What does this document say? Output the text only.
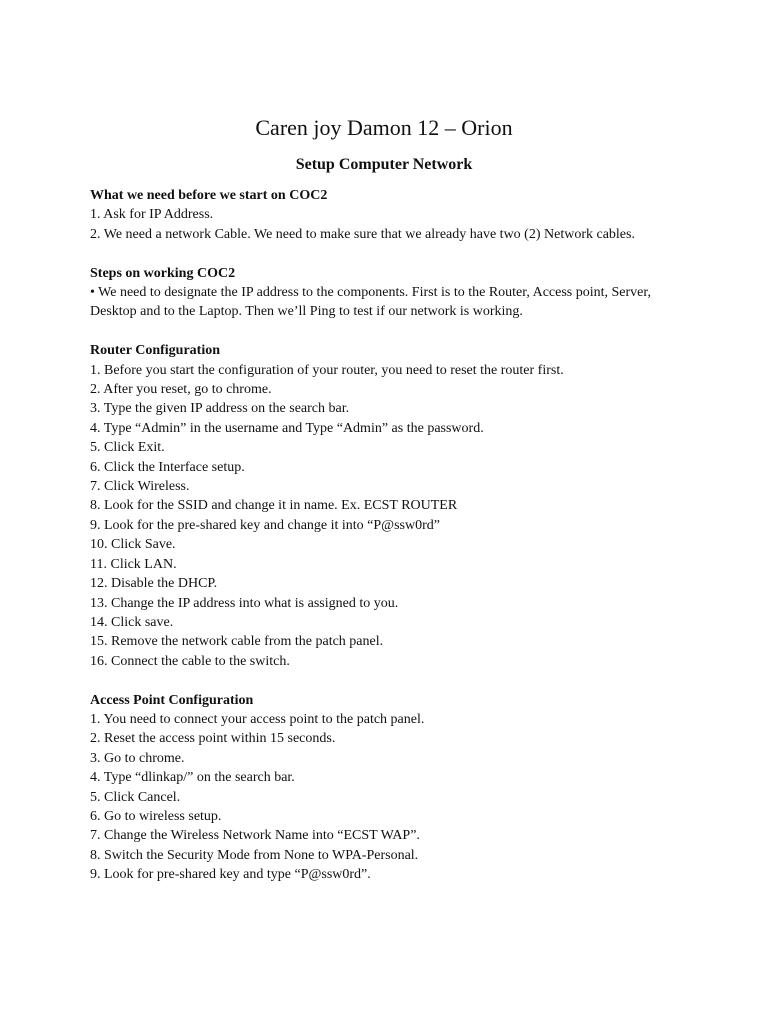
Caren joy Damon 12 – Orion
Setup Computer Network

What we need before we start on COC2

1. Ask for IP Address.

2. We need a network Cable. We need to make sure that we already have two (2) Network cables.

Steps on working COC2

• We need to designate the IP address to the components. First is to the Router, Access point, Server, Desktop and to the Laptop. Then we’ll Ping to test if our network is working.

Router Configuration

1. Before you start the configuration of your router, you need to reset the router first.

2. After you reset, go to chrome.

3. Type the given IP address on the search bar.

4. Type “Admin” in the username and Type “Admin” as the password.

5. Click Exit.

6. Click the Interface setup.

7. Click Wireless.

8. Look for the SSID and change it in name. Ex. ECST ROUTER

9. Look for the pre-shared key and change it into “P@ssw0rd”

10. Click Save.

11. Click LAN.

12. Disable the DHCP.

13. Change the IP address into what is assigned to you.

14. Click save.

15. Remove the network cable from the patch panel.

16. Connect the cable to the switch.

Access Point Configuration

1. You need to connect your access point to the patch panel.

2. Reset the access point within 15 seconds.

3. Go to chrome.

4. Type “dlinkap/” on the search bar.

5. Click Cancel.

6. Go to wireless setup.

7. Change the Wireless Network Name into “ECST WAP”.

8. Switch the Security Mode from None to WPA-Personal.

9. Look for pre-shared key and type “P@ssw0rd”.
